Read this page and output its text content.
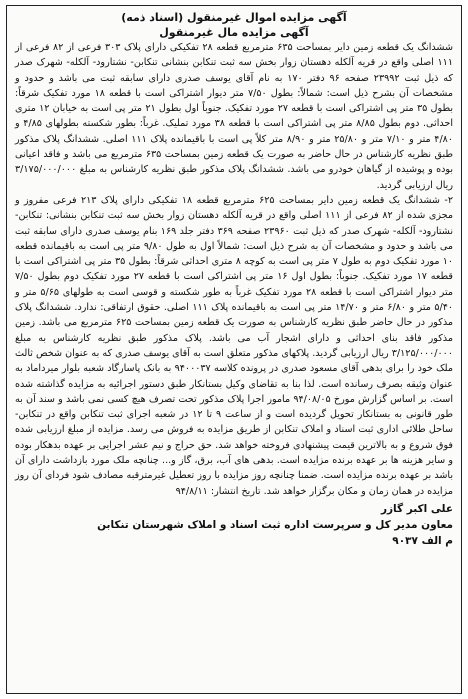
آگهی مزایده اموال غیرمنقول (اسناد ذمه)

آگهی مزایده مال غیرمنقول

ششدانگ یک قطعه زمین دایر بمساحت ۶۳۵ مترمربع قطعه ۲۸ تفکیکی دارای پلاک ۳۰۳ فرعی از ۸۲ فرعی از ۱۱۱ اصلی واقع در قریه آلکله دهستان زوار بخش سه ثبت تنکابن بنشانی تنکابن- نشتارود- آلکله- شهرک صدر که ذیل ثبت ۲۳۹۹۲ صفحه ۹۶ دفتر ۱۷۰ به نام آقای یوسف صدری دارای سابقه ثبت می باشد و حدود و مشخصات آن بشرح ذیل است: شمالاً: بطول ۷/۵۰ متر دیوار اشتراکی است با قطعه ۱۸ مورد تفکیک شرقاً: بطول ۳۵ متر پی اشتراکی است با قطعه ۲۷ مورد تفکیک. جنوباً اول بطول ۲۱ متر پی است به خیابان ۱۲ متری احداثی. دوم بطول ۸/۸۵ متر پی اشتراکی است با قطعه ۳۸ مورد تملیک. غرباً: بطور شکسته بطولهای ۴/۸۵ و ۴/۸۰ متر و ۷/۱۰ متر و ۲۵/۸۰ متر و ۸/۹۰ متر کلاً پی است با باقیمانده پلاک ۱۱۱ اصلی. ششدانگ پلاک مذکور طبق نظریه کارشناس در حال حاضر به صورت یک قطعه زمین بمساحت ۶۳۵ مترمربع می باشد و فاقد اعیانی بوده و پوشیده از گیاهان خودرو می باشد. ششدانگ پلاک مذکور طبق نظریه کارشناس به مبلغ ۳/۱۷۵/۰۰۰/۰۰۰ ریال ارزیابی گردید.

۲- ششدانگ یک قطعه زمین دایر بمساحت ۶۲۵ مترمربع قطعه ۱۸ تفکیکی دارای پلاک ۲۱۳ فرعی مفروز و مجزی شده از ۸۲ فرعی از ۱۱۱ اصلی واقع در قریه آلکله دهستان زوار بخش سه ثبت تنکابن بنشانی: تنکابن- نشتارود- آلکله- شهرک صدر که ذیل ثبت ۲۳۹۶۰ صفحه ۳۶۹ دفتر جلد ۱۶۹ بنام یوسف صدری دارای سابقه ثبت می باشد و حدود و مشخصات آن به شرح ذیل است: شمالاً اول به طول ۹/۸۰ متر پی است به باقیمانده قطعه ۱۰ مورد تفکیک دوم به طول ۷ متر پی است به کوچه ۸ متری احداثی شرقاً: بطول ۳۵ متر پی اشتراکی است با قطعه ۱۷ مورد تفکیک. جنوباً: بطول اول ۱۶ متر پی اشتراکی است با قطعه ۲۷ مورد تفکیک دوم بطول ۷/۵۰ متر دیوار اشتراکی است با قطعه ۲۸ مورد تفکیک غرباً به طور شکسته و قوسی است به طولهای ۵/۶۵ متر و ۵/۴۰ متر و ۶/۸۰ متر و ۱۴/۷۰ متر پی است به باقیمانده پلاک ۱۱۱ اصلی. حقوق ارتفاقی: ندارد. ششدانگ پلاک مذکور در حال حاضر طبق نظریه کارشناس به صورت یک قطعه زمین بمساحت ۶۲۵ مترمربع می باشد. زمین مذکور فاقد بنای احداثی و دارای اشجار آب می باشد. پلاک مذکور طبق نظریه کارشناس به مبلغ ۳/۱۲۵/۰۰۰/۰۰۰ ریال ارزیابی گردید. پلاکهای مذکور متعلق است به آقای یوسف صدری که به عنوان شخص ثالث ملک خود را برای بدهی آقای مسعود صدری در پرونده کلاسه ۹۴۰۰۰۳۷ به بانک پاسارگاد شعبه بلوار میرداماد به عنوان وثیقه بصرف رسانده است. لذا بنا به تقاضای وکیل بستانکار طبق دستور اجرائیه به مزایده گذاشته شده است. بر اساس گزارش مورخ ۹۴/۰۸/۰۵ مامور اجرا پلاک مذکور تحت تصرف هیچ کسی نمی باشد و سند آن به طور قانونی به بستانکار تحویل گردیده است و از ساعت ۹ تا ۱۲ در شعبه اجرای ثبت تنکابن واقع در تنکابن- ساحل طلائی اداری ثبت اسناد و املاک تنکابن از طریق مزایده به فروش می رسد. مزایده از مبلغ ارزیابی شده فوق شروع و به بالاترین قیمت پیشنهادی فروخته خواهد شد. حق حراج و نیم عشر اجرایی بر عهده بدهکار بوده و سایر هزینه ها بر عهده برنده مزایده است. بدهی های آب، برق، گاز و... چنانچه ملک مورد بازداشت دارای آن باشد بر عهده برنده مزایده است. ضمنا چنانچه روز مزایده با روز تعطیل غیرمترقبه مصادف شود فردای آن روز مزایده در همان زمان و مکان برگزار خواهد شد. تاریخ انتشار: ۹۴/۸/۱۱

علی اکبر گازر

معاون مدیر کل و سرپرست اداره ثبت اسناد و املاک شهرستان تنکابن

م الف ۹۰۳۷
